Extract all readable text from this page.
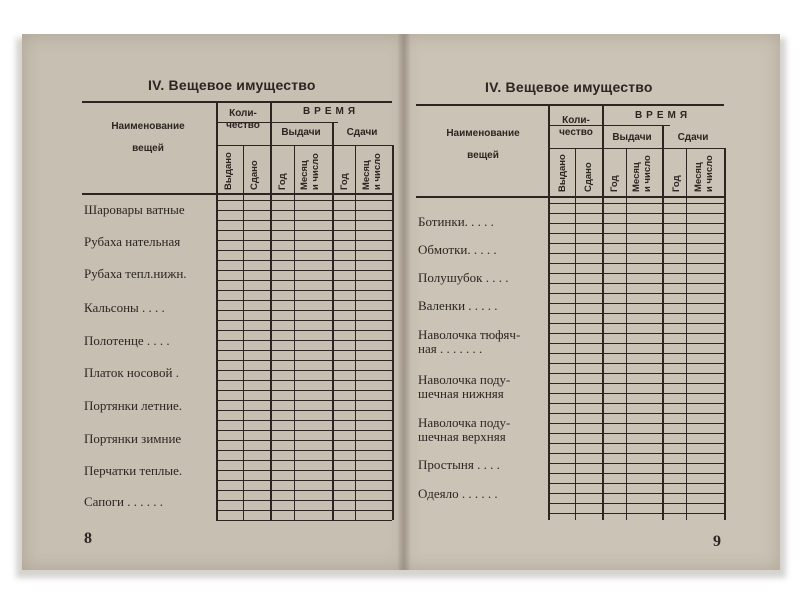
IV. Вещевое имущество
Наименование
вещей
Коли-
чество
ВРЕМЯ
Выдачи	Сдачи
Выдано Сдано Год Месяц и число Год Месяц и число
8
Шаровары ватные
Рубаха нательная
Рубаха тепл.нижн.
Кальсоны . . . .
Полотенце . . . .
Платок носовой .
Портянки летние.
Портянки зимние
Перчатки теплые.
Сапоги . . . . . .
IV. Вещевое имущество
Наименование
вещей
Коли-
чество
ВРЕМЯ
Выдачи	Сдачи
Выдано Сдано Год Месяц и число Год Месяц и число
9
Ботинки. . . . .
Обмотки. . . . .
Полушубок . . . .
Валенки . . . . .
Наволочка тюфяч-
ная . . . . . . .
Наволочка поду-
шечная нижняя
Наволочка поду-
шечная верхняя
Простыня . . . .
Одеяло . . . . . .
